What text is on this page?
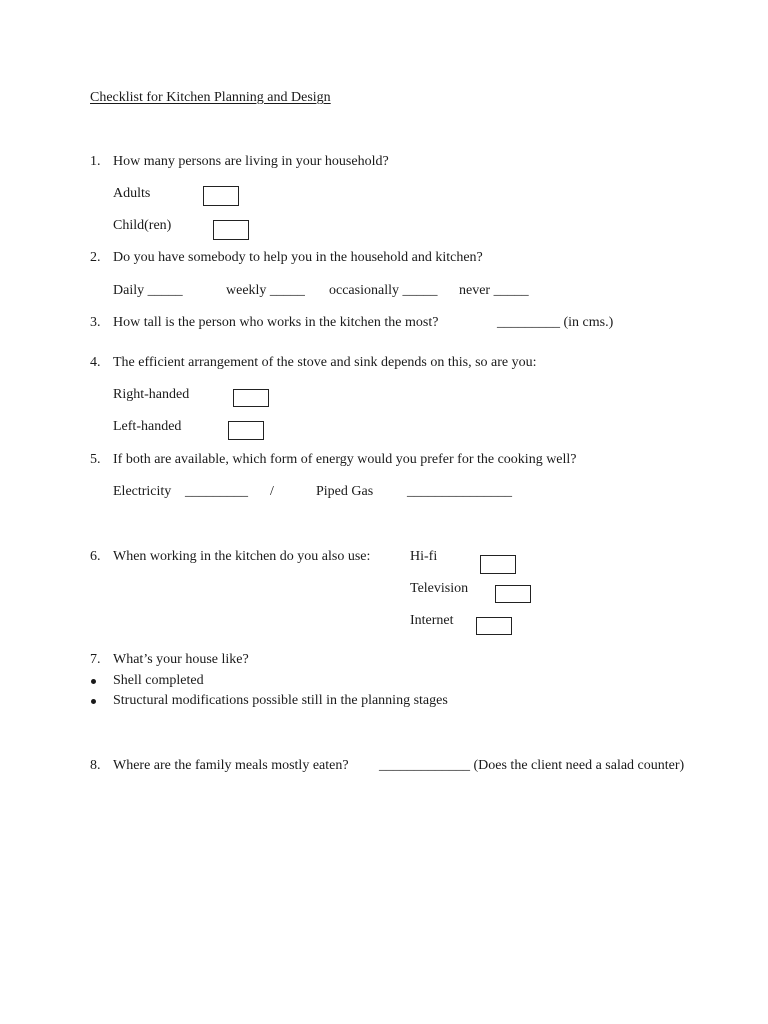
Checklist for Kitchen Planning and Design
1. How many persons are living in your household?
Adults
Child(ren)
2. Do you have somebody to help you in the household and kitchen?
Daily _____	weekly _____ occasionally _____ never _____
3. How tall is the person who works in the kitchen the most?	_________ (in cms.)
4. The efficient arrangement of the stove and sink depends on this, so are you:
Right-handed
Left-handed
5. If both are available, which form of energy would you prefer for the cooking well?
Electricity _________ /	Piped Gas _______________
6. When working in the kitchen do you also use:	Hi-fi
Television
Internet
7. What’s your house like?
Shell completed
Structural modifications possible still in the planning stages
8. Where are the family meals mostly eaten? _____________ (Does the client need a salad counter)
